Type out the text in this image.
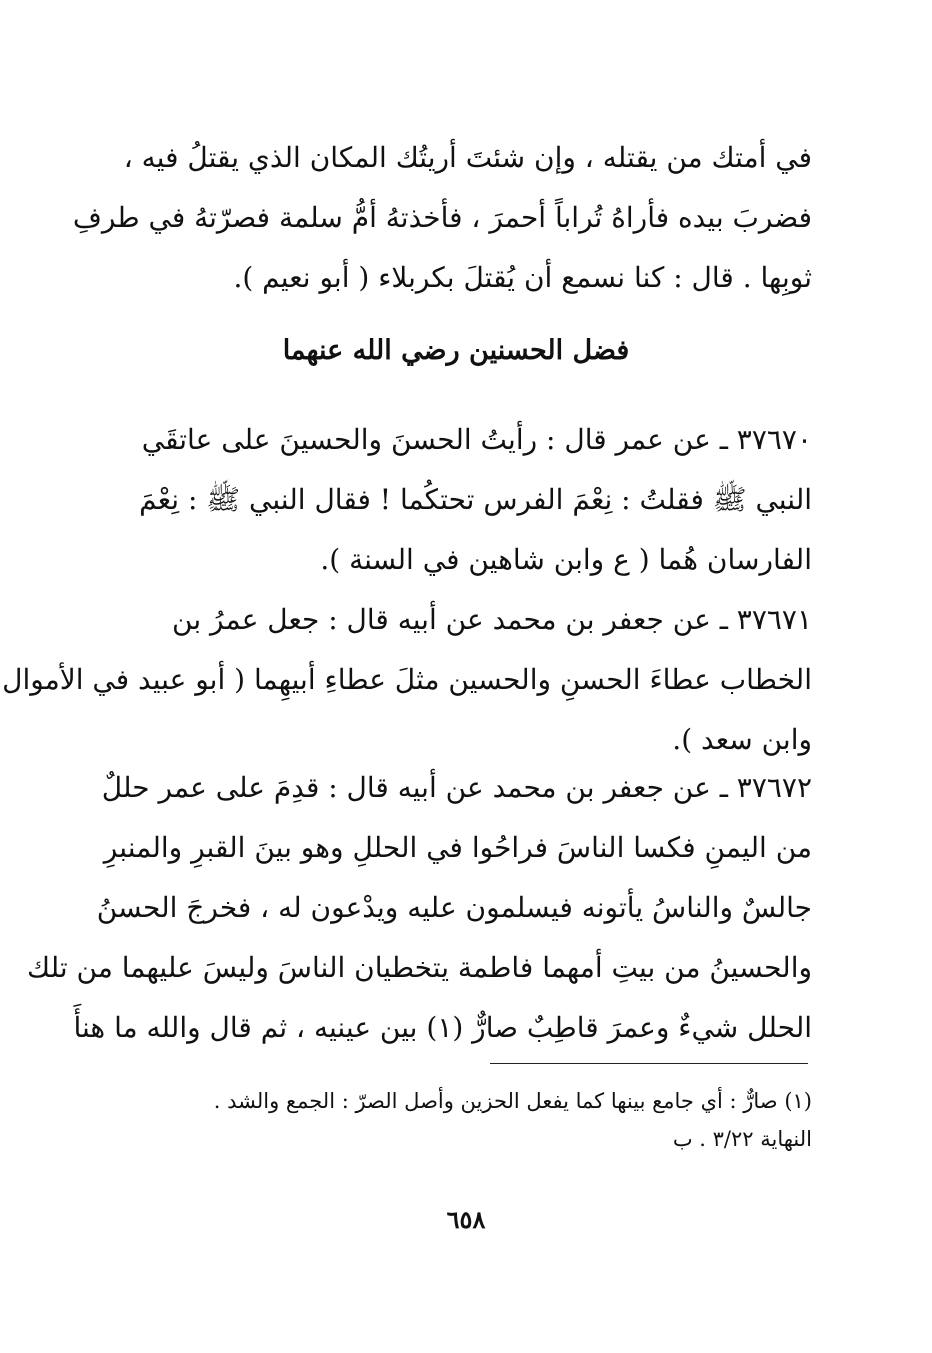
في أمتك من يقتله ، وإن شئتَ أريتُك المكان الذي يقتلُ فيه ،
فضربَ بيده فأراهُ تُراباً أحمرَ ، فأخذتهُ أمُّ سلمة فصرّتهُ في طرفِ
ثوبِها . قال : كنا نسمع أن يُقتلَ بكربلاء ( أبو نعيم ).
فضل الحسنين رضي الله عنهما
٣٧٦٧٠ ـ عن عمر قال : رأيتُ الحسنَ والحسينَ على عاتقَي
النبي ﷺ فقلتُ : نِعْمَ الفرس تحتكُما ! فقال النبي ﷺ : نِعْمَ
الفارسان هُما ( ع وابن شاهين في السنة ).
٣٧٦٧١ ـ عن جعفر بن محمد عن أبيه قال : جعل عمرُ بن
الخطاب عطاءَ الحسنِ والحسين مثلَ عطاءِ أبيهِما ( أبو عبيد في الأموال
وابن سعد ).
٣٧٦٧٢ ـ عن جعفر بن محمد عن أبيه قال : قدِمَ على عمر حللٌ
من اليمنِ فكسا الناسَ فراحُوا في الحللِ وهو بينَ القبرِ والمنبرِ
جالسٌ والناسُ يأتونه فيسلمون عليه ويدْعون له ، فخرجَ الحسنُ
والحسينُ من بيتِ أمهما فاطمة يتخطيان الناسَ وليسَ عليهما من تلك
الحلل شيءٌ وعمرَ قاطِبٌ صارٌّ (١) بين عينيه ، ثم قال والله ما هنأَ
(١) صارٌّ : أي جامع بينها كما يفعل الحزين وأصل الصرّ : الجمع والشد .
النهاية ٣/٢٢ . ب
٦٥٨
